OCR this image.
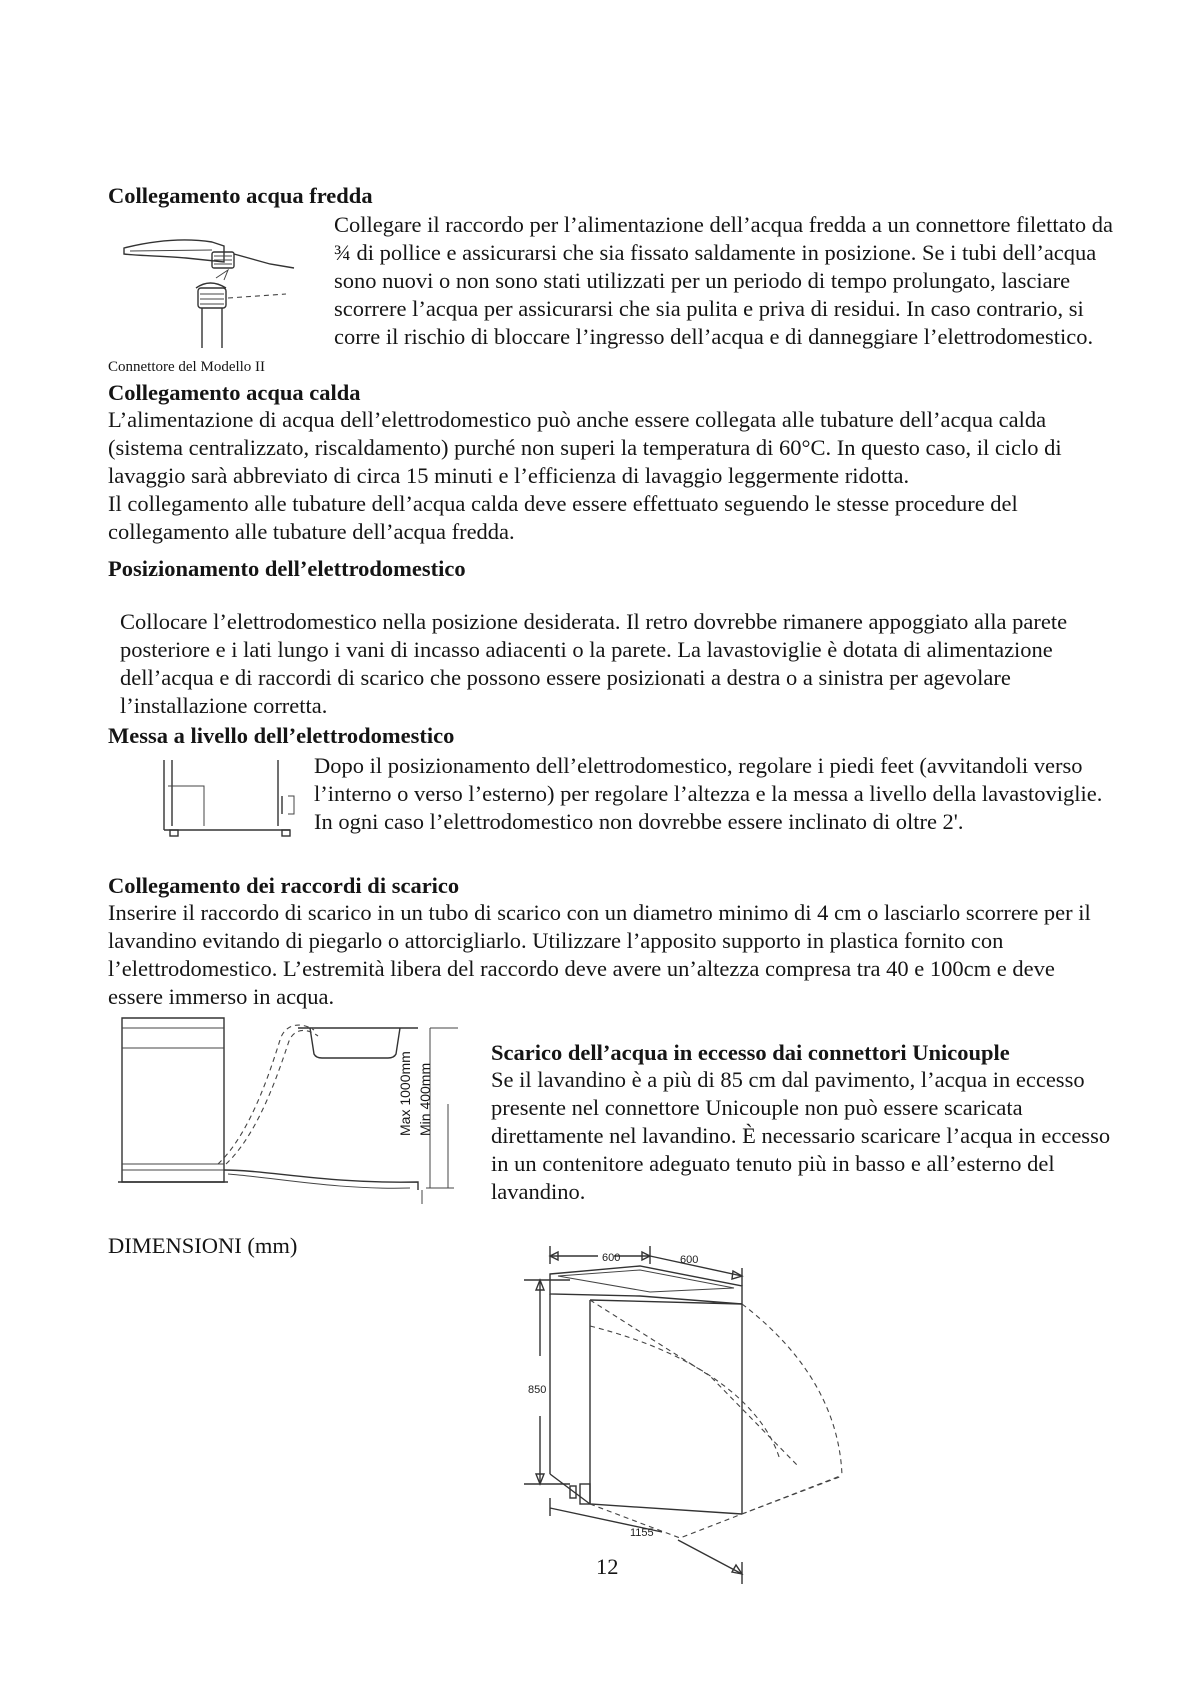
Collegamento acqua fredda
Connettore del Modello II

Collegare il raccordo per l’alimentazione dell’acqua fredda a un connettore filettato da ¾ di pollice e assicurarsi che sia fissato saldamente in posizione. Se i tubi dell’acqua sono nuovi o non sono stati utilizzati per un periodo di tempo prolungato, lasciare scorrere l’acqua per assicurarsi che sia pulita e priva di residui. In caso contrario, si corre il rischio di bloccare l’ingresso dell’acqua e di danneggiare l’elettrodomestico.

Collegamento acqua calda

L’alimentazione di acqua dell’elettrodomestico può anche essere collegata alle tubature dell’acqua calda (sistema centralizzato, riscaldamento) purché non superi la temperatura di 60°C. In questo caso, il ciclo di lavaggio sarà abbreviato di circa 15 minuti e l’efficienza di lavaggio leggermente ridotta.

Il collegamento alle tubature dell’acqua calda deve essere effettuato seguendo le stesse procedure del collegamento alle tubature dell’acqua fredda.

Posizionamento dell’elettrodomestico

Collocare l’elettrodomestico nella posizione desiderata. Il retro dovrebbe rimanere appoggiato alla parete posteriore e i lati lungo i vani di incasso adiacenti o la parete. La lavastoviglie è dotata di alimentazione dell’acqua e di raccordi di scarico che possono essere posizionati a destra o a sinistra per agevolare l’installazione corretta.

Messa a livello dell’elettrodomestico

Dopo il posizionamento dell’elettrodomestico, regolare i piedi feet (avvitandoli verso l’interno o verso l’esterno) per regolare l’altezza e la messa a livello della lavastoviglie. In ogni caso l’elettrodomestico non dovrebbe essere inclinato di oltre 2'.

Collegamento dei raccordi di scarico

Inserire il raccordo di scarico in un tubo di scarico con un diametro minimo di 4 cm o lasciarlo scorrere per il lavandino evitando di piegarlo o attorcigliarlo. Utilizzare l’apposito supporto in plastica fornito con l’elettrodomestico. L’estremità libera del raccordo deve avere un’altezza compresa tra 40 e 100cm e deve essere immerso in acqua.

Max 1000mm Min 400mm
Scarico dell’acqua in eccesso dai connettori Unicouple

Se il lavandino è a più di 85 cm dal pavimento, l’acqua in eccesso presente nel connettore Unicouple non può essere scaricata direttamente nel lavandino. È necessario scaricare l’acqua in eccesso in un contenitore adeguato tenuto più in basso e all’esterno del lavandino.

DIMENSIONI (mm)	600	600
850
1155
12
